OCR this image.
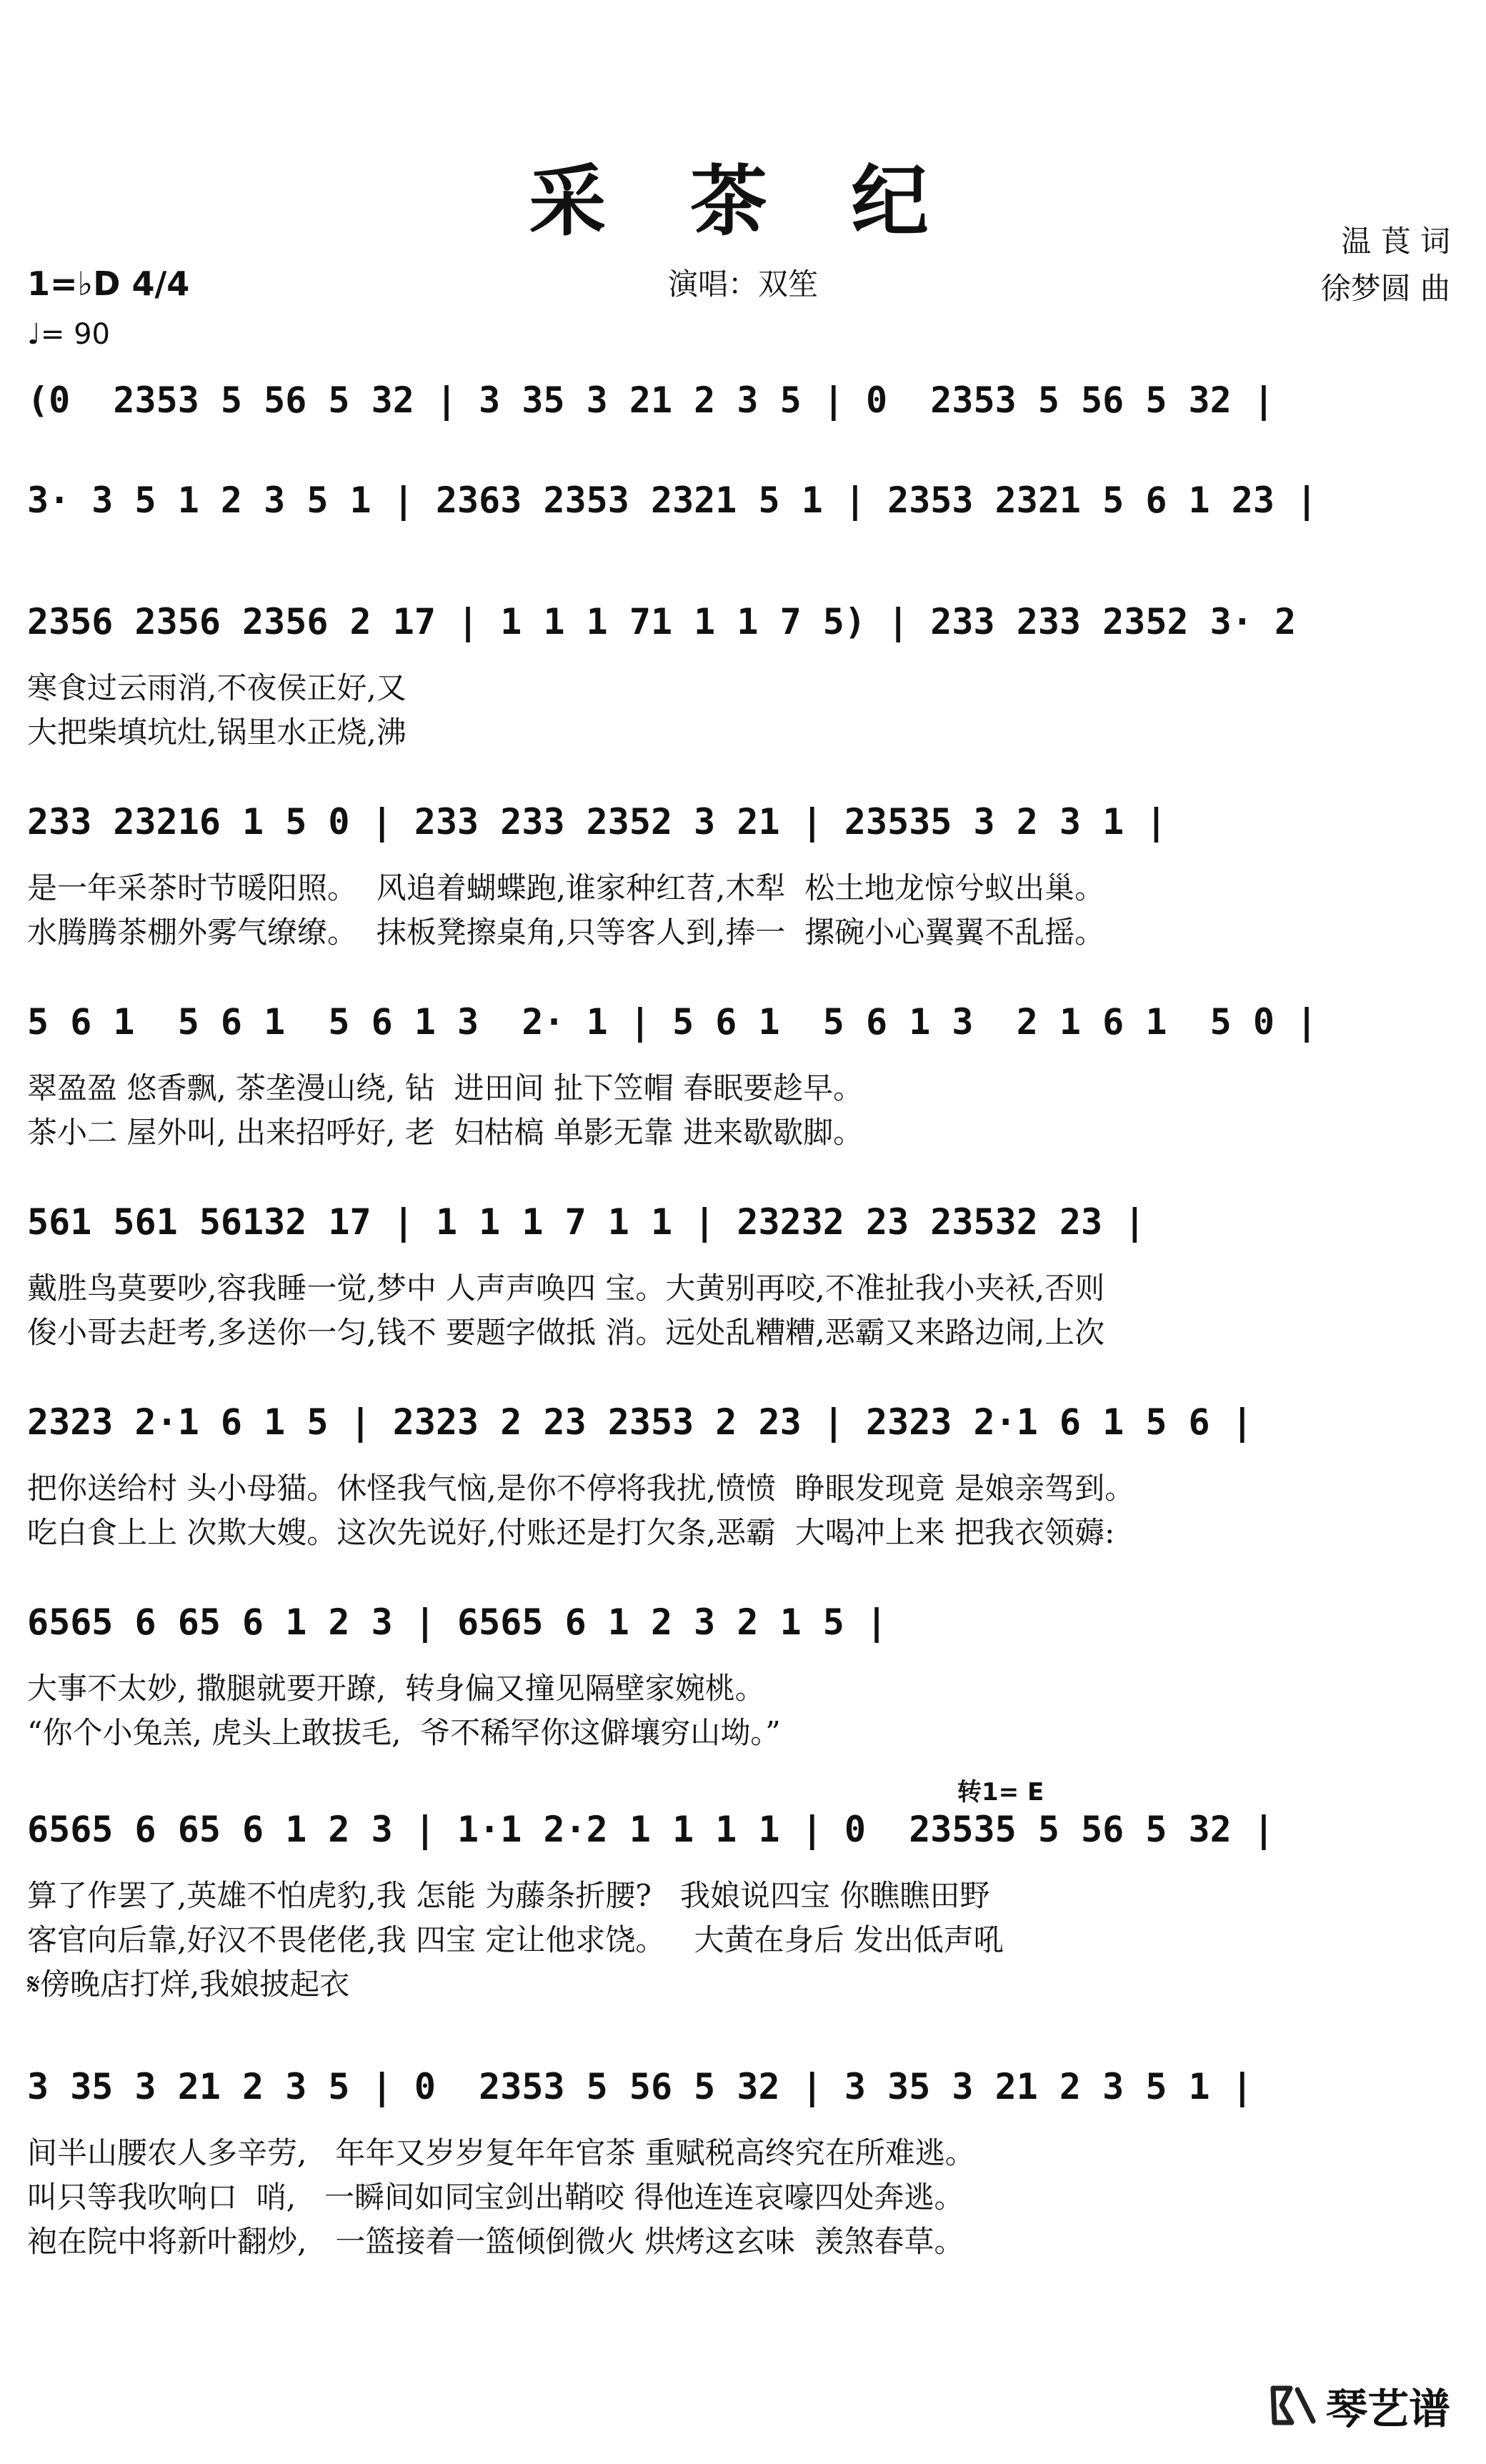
采 茶 纪	温 莨 词
徐梦圆 曲
演唱：双笙
1=♭D 4/4
♩= 90
转1= E
(0  2353 5 56 5 32 | 3 35 3 21 2 3 5 | 0  2353 5 56 5 32 |
3· 3 5 1 2 3 5 1 | 2363 2353 2321 5 1 | 2353 2321 5 6 1 23 |
2356 2356 2356 2 17 | 1 1 1 71 1 1 7 5) | 233 233 2352 3· 2
寒食过云雨消,不夜侯正好,又
大把柴填坑灶,锅里水正烧,沸
233 23216 1 5 0 | 233 233 2352 3 21 | 23535 3 2 3 1 |
是一年采茶时节暖阳照。  风追着蝴蝶跑,谁家种红苕,木犁  松土地龙惊兮蚁出巢。
水腾腾茶棚外雾气缭缭。  抹板凳擦桌角,只等客人到,捧一  摞碗小心翼翼不乱摇。
5 6 1  5 6 1  5 6 1 3  2· 1 | 5 6 1  5 6 1 3  2 1 6 1  5 0 |
翠盈盈 悠香飘, 茶垄漫山绕, 钻  进田间 扯下笠帽 春眠要趁早。
茶小二 屋外叫, 出来招呼好, 老  妇枯槁 单影无靠 进来歇歇脚。
561 561 56132 17 | 1 1 1 7 1 1 | 23232 23 23532 23 |
戴胜鸟莫要吵,容我睡一觉,梦中 人声声唤四 宝。大黄别再咬,不准扯我小夹袄,否则
俊小哥去赶考,多送你一匀,钱不 要题字做抵 消。远处乱糟糟,恶霸又来路边闹,上次
2323 2·1 6 1 5 | 2323 2 23 2353 2 23 | 2323 2·1 6 1 5 6 |
把你送给村 头小母猫。休怪我气恼,是你不停将我扰,愤愤  睁眼发现竟 是娘亲驾到。
吃白食上上 次欺大嫂。这次先说好,付账还是打欠条,恶霸  大喝冲上来 把我衣领薅:
6565 6 65 6 1 2 3 | 6565 6 1 2 3 2 1 5 |
大事不太妙, 撒腿就要开蹽,  转身偏又撞见隔壁家婉桃。
“你个小兔羔, 虎头上敢拔毛,  爷不稀罕你这僻壤穷山坳。”
6565 6 65 6 1 2 3 | 1·1 2·2 1 1 1 1 | 0  23535 5 56 5 32 |
算了作罢了,英雄不怕虎豹,我 怎能 为藤条折腰?   我娘说四宝 你瞧瞧田野
客官向后靠,好汉不畏佬佬,我 四宝 定让他求饶。   大黄在身后 发出低声吼
𝄋傍晚店打烊,我娘披起衣
3 35 3 21 2 3 5 | 0  2353 5 56 5 32 | 3 35 3 21 2 3 5 1 |
间半山腰农人多辛劳,   年年又岁岁复年年官茶 重赋税高终究在所难逃。
叫只等我吹响口  哨,   一瞬间如同宝剑出鞘咬 得他连连哀嚎四处奔逃。
袍在院中将新叶翻炒,   一篮接着一篮倾倒微火 烘烤这玄味  羡煞春草。
琴艺谱
